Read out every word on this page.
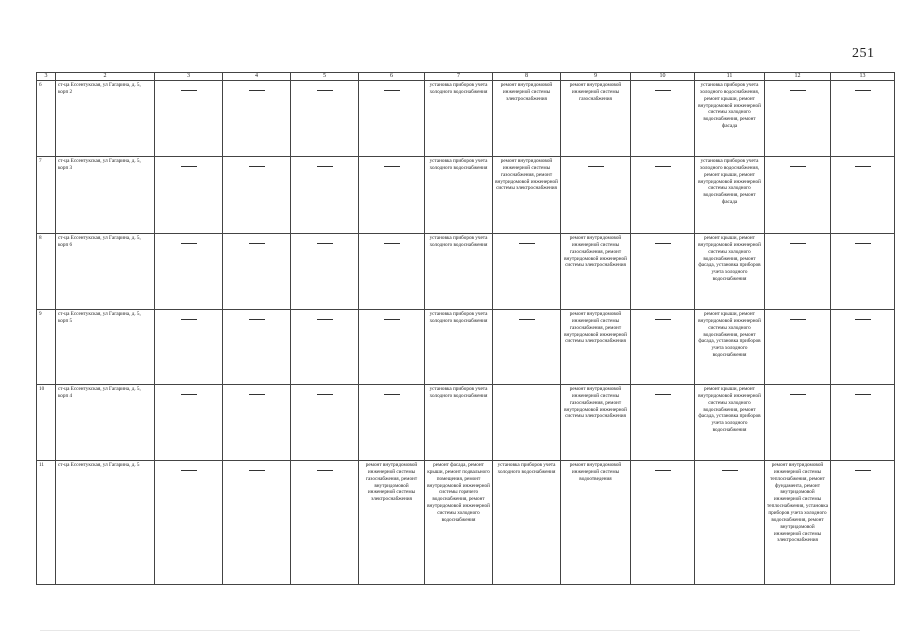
251
3	2	3	4	5	6	7	8	9	10	11	12	13
6	ст-ца Ессентукская, ул Гагарина, д. 5, корп 2					установка приборов учета холодного водоснабжения	ремонт внутридомовой инженерной системы электроснабжения	ремонт внутридомовой инженерной системы газоснабжения		установка приборов учета холодного водоснабжения, ремонт крыши, ремонт внутридомовой инженерной системы холодного водоснабжения, ремонт фасада	

7	ст-ца Ессентукская, ул Гагарина, д. 5, корп 3					установка приборов учета холодного водоснабжения	ремонт внутридомовой инженерной системы газоснабжения, ремонт внутридомовой инженерной системы электроснабжения			установка приборов учета холодного водоснабжения, ремонт крыши, ремонт внутридомовой инженерной системы холодного водоснабжения, ремонт фасада	

8	ст-ца Ессентукская, ул Гагарина, д. 5, корп 6					установка приборов учета холодного водоснабжения		ремонт внутридомовой инженерной системы газоснабжения, ремонт внутридомовой инженерной системы электроснабжения		ремонт крыши, ремонт внутридомовой инженерной системы холодного водоснабжения, ремонт фасада, установка приборов учета холодного водоснабжения	

9	ст-ца Ессентукская, ул Гагарина, д. 5, корп 5					установка приборов учета холодного водоснабжения		ремонт внутридомовой инженерной системы газоснабжения, ремонт внутридомовой инженерной системы электроснабжения		ремонт крыши, ремонт внутридомовой инженерной системы холодного водоснабжения, ремонт фасада, установка приборов учета холодного водоснабжения	

10	ст-ца Ессентукская, ул Гагарина, д. 5, корп 4					установка приборов учета холодного водоснабжения		ремонт внутридомовой инженерной системы газоснабжения, ремонт внутридомовой инженерной системы электроснабжения		ремонт крыши, ремонт внутридомовой инженерной системы холодного водоснабжения, ремонт фасада, установка приборов учета холодного водоснабжения	

11	ст-ца Ессентукская, ул Гагарина, д. 5				ремонт внутридомовой инженерной системы газоснабжения, ремонт внутридомовой инженерной системы электроснабжения	ремонт фасада, ремонт крыши, ремонт подвального помещения, ремонт внутридомовой инженерной системы горячего водоснабжения, ремонт внутридомовой инженерной системы холодного водоснабжения	установка приборов учета холодного водоснабжения	ремонт внутридомовой инженерной системы водоотведения			ремонт внутридомовой инженерной системы теплоснабжения, ремонт фундамента, ремонт внутридомовой инженерной системы теплоснабжения, установка приборов учета холодного водоснабжения, ремонт внутридомовой инженерной системы электроснабжения	
